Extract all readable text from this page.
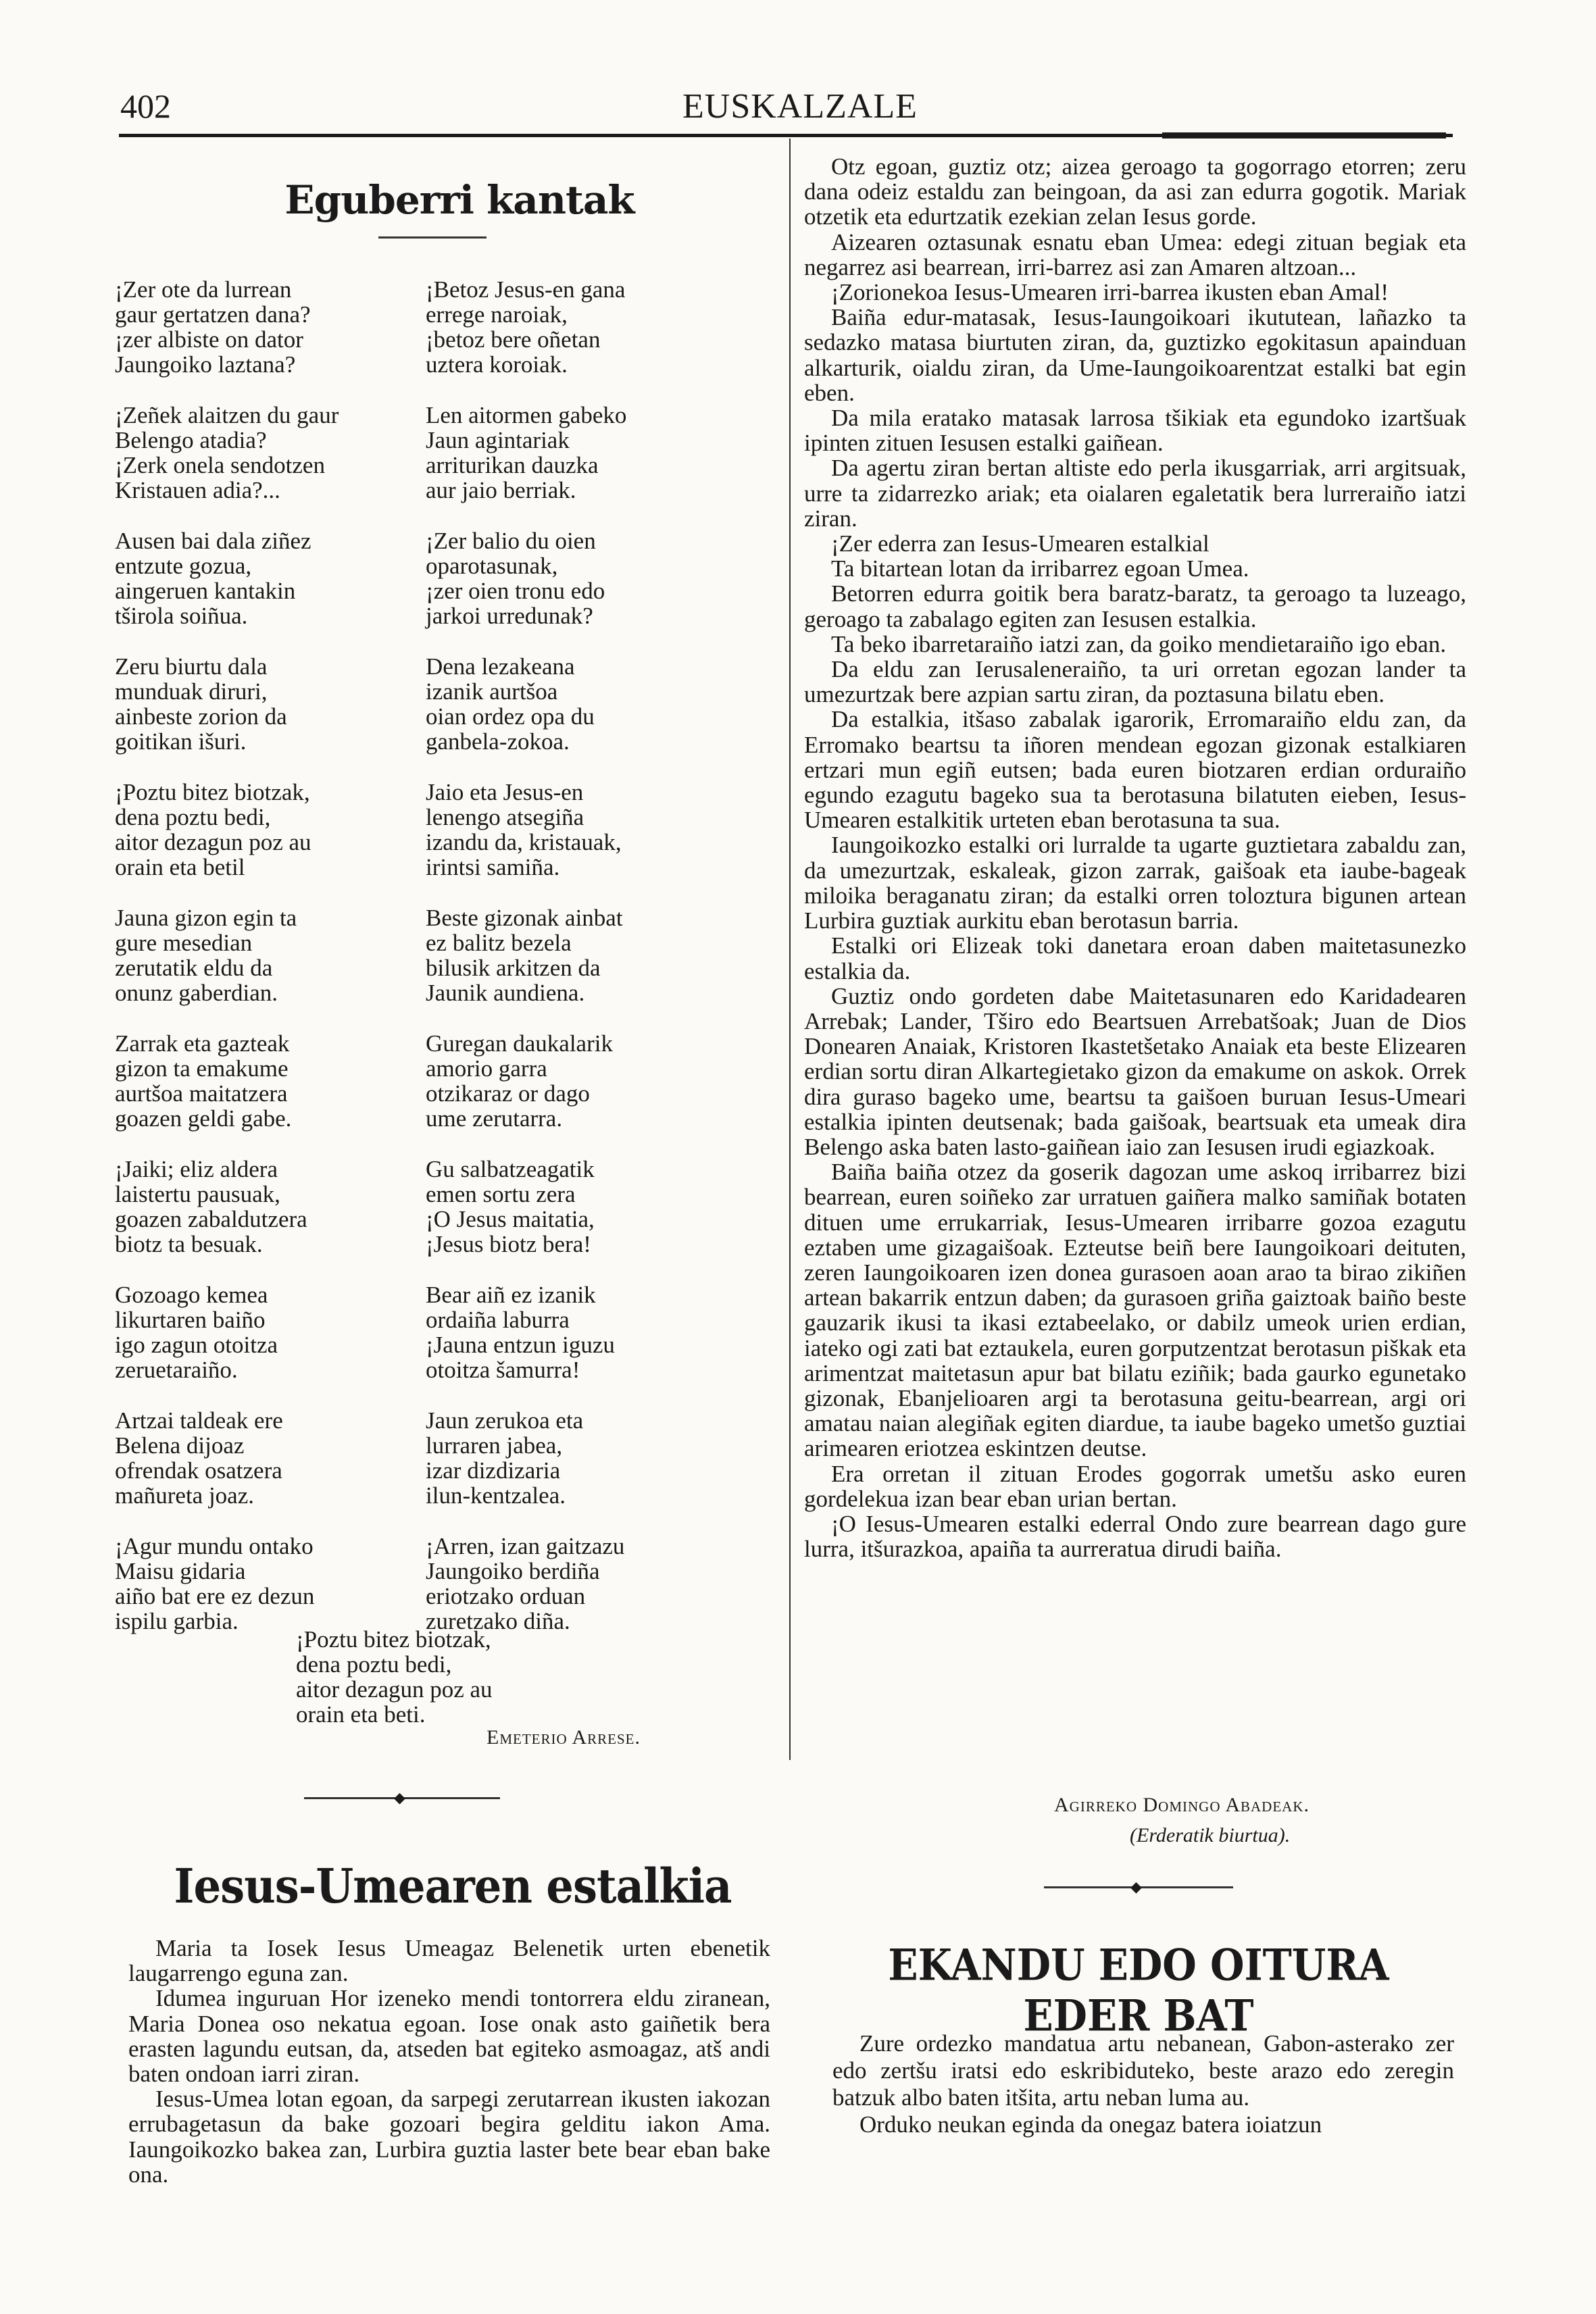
402	EUSKALZALE
Eguberri kantak
¡Zer ote da lurrean
gaur gertatzen dana?
¡zer albiste on dator
Jaungoiko laztana?
¡Zeñek alaitzen du gaur
Belengo atadia?
¡Zerk onela sendotzen
Kristauen adia?...
Ausen bai dala ziñez
entzute gozua,
aingeruen kantakin
tširola soiñua.
Zeru biurtu dala
munduak diruri,
ainbeste zorion da
goitikan išuri.
¡Poztu bitez biotzak,
dena poztu bedi,
aitor dezagun poz au
orain eta betil
Jauna gizon egin ta
gure mesedian
zerutatik eldu da
onunz gaberdian.
Zarrak eta gazteak
gizon ta emakume
aurtšoa maitatzera
goazen geldi gabe.
¡Jaiki; eliz aldera
laistertu pausuak,
goazen zabaldutzera
biotz ta besuak.
Gozoago kemea
likurtaren baiño
igo zagun otoitza
zeruetaraiño.
Artzai taldeak ere
Belena dijoaz
ofrendak osatzera
mañureta joaz.
¡Agur mundu ontako
Maisu gidaria
aiño bat ere ez dezun
ispilu garbia.
¡Betoz Jesus-en gana
errege naroiak,
¡betoz bere oñetan
uztera koroiak.
Len aitormen gabeko
Jaun agintariak
arriturikan dauzka
aur jaio berriak.
¡Zer balio du oien
oparotasunak,
¡zer oien tronu edo
jarkoi urredunak?
Dena lezakeana
izanik aurtšoa
oian ordez opa du
ganbela-zokoa.
Jaio eta Jesus-en
lenengo atsegiña
izandu da, kristauak,
irintsi samiña.
Beste gizonak ainbat
ez balitz bezela
bilusik arkitzen da
Jaunik aundiena.
Guregan daukalarik
amorio garra
otzikaraz or dago
ume zerutarra.
Gu salbatzeagatik
emen sortu zera
¡O Jesus maitatia,
¡Jesus biotz bera!
Bear aiñ ez izanik
ordaiña laburra
¡Jauna entzun iguzu
otoitza šamurra!
Jaun zerukoa eta
lurraren jabea,
izar dizdizaria
ilun-kentzalea.
¡Arren, izan gaitzazu
Jaungoiko berdiña
eriotzako orduan
zuretzako diña.
¡Poztu bitez biotzak,
dena poztu bedi,
aitor dezagun poz au
orain eta beti.
Emeterio Arrese.
◆
Iesus-Umearen estalkia

Maria ta Iosek Iesus Umeagaz Belenetik urten ebenetik laugarrengo eguna zan.

Idumea inguruan Hor izeneko mendi tontorrera eldu ziranean, Maria Donea oso nekatua egoan. Iose onak asto gaiñetik bera erasten lagundu eutsan, da, atseden bat egiteko asmoagaz, atš andi baten ondoan iarri ziran.

Iesus-Umea lotan egoan, da sarpegi zerutarrean ikusten iakozan errubagetasun da bake gozoari begira gelditu iakon Ama. Iaungoikozko bakea zan, Lurbira guztia laster bete bear eban bake ona.

Otz egoan, guztiz otz; aizea geroago ta gogorrago etorren; zeru dana odeiz estaldu zan beingoan, da asi zan edurra gogotik. Mariak otzetik eta edurtzatik ezekian zelan Iesus gorde.

Aizearen oztasunak esnatu eban Umea: edegi zituan begiak eta negarrez asi bearrean, irri-barrez asi zan Amaren altzoan...

¡Zorionekoa Iesus-Umearen irri-barrea ikusten eban Amal!

Baiña edur-matasak, Iesus-Iaungoikoari ikututean, lañazko ta sedazko matasa biurtuten ziran, da, guztizko egokitasun apainduan alkarturik, oialdu ziran, da Ume-Iaungoikoarentzat estalki bat egin eben.

Da mila eratako matasak larrosa tšikiak eta egundoko izartšuak ipinten zituen Iesusen estalki gaiñean.

Da agertu ziran bertan altiste edo perla ikusgarriak, arri argitsuak, urre ta zidarrezko ariak; eta oialaren egaletatik bera lurreraiño iatzi ziran.

¡Zer ederra zan Iesus-Umearen estalkial

Ta bitartean lotan da irribarrez egoan Umea.

Betorren edurra goitik bera baratz-baratz, ta geroago ta luzeago, geroago ta zabalago egiten zan Iesusen estalkia.

Ta beko ibarretaraiño iatzi zan, da goiko mendietaraiño igo eban.

Da eldu zan Ierusaleneraiño, ta uri orretan egozan lander ta umezurtzak bere azpian sartu ziran, da poztasuna bilatu eben.

Da estalkia, itšaso zabalak igarorik, Erromaraiño eldu zan, da Erromako beartsu ta iñoren mendean egozan gizonak estalkiaren ertzari mun egiñ eutsen; bada euren biotzaren erdian orduraiño egundo ezagutu bageko sua ta berotasuna bilatuten eieben, Iesus-Umearen estalkitik urteten eban berotasuna ta sua.

Iaungoikozko estalki ori lurralde ta ugarte guztietara zabaldu zan, da umezurtzak, eskaleak, gizon zarrak, gaišoak eta iaube-bageak miloika beraganatu ziran; da estalki orren toloztura bigunen artean Lurbira guztiak aurkitu eban berotasun barria.

Estalki ori Elizeak toki danetara eroan daben maitetasunezko estalkia da.

Guztiz ondo gordeten dabe Maitetasunaren edo Karidadearen Arrebak; Lander, Tširo edo Beartsuen Arrebatšoak; Juan de Dios Donearen Anaiak, Kristoren Ikastetšetako Anaiak eta beste Elizearen erdian sortu diran Alkartegietako gizon da emakume on askok. Orrek dira guraso bageko ume, beartsu ta gaišoen buruan Iesus-Umeari estalkia ipinten deutsenak; bada gaišoak, beartsuak eta umeak dira Belengo aska baten lasto-gaiñean iaio zan Iesusen irudi egiazkoak.

Baiña baiña otzez da goserik dagozan ume askoq irribarrez bizi bearrean, euren soiñeko zar urratuen gaiñera malko samiñak botaten dituen ume errukarriak, Iesus-Umearen irribarre gozoa ezagutu eztaben ume gizagaišoak. Ezteutse beiñ bere Iaungoikoari deituten, zeren Iaungoikoaren izen donea gurasoen aoan arao ta birao zikiñen artean bakarrik entzun daben; da gurasoen griña gaiztoak baiño beste gauzarik ikusi ta ikasi eztabeelako, or dabilz umeok urien erdian, iateko ogi zati bat eztaukela, euren gorputzentzat berotasun piškak eta arimentzat maitetasun apur bat bilatu eziñik; bada gaurko egunetako gizonak, Ebanjelioaren argi ta berotasuna geitu-bearrean, argi ori amatau naian alegiñak egiten diardue, ta iaube bageko umetšo guztiai arimearen eriotzea eskintzen deutse.

Era orretan il zituan Erodes gogorrak umetšu asko euren gordelekua izan bear eban urian bertan.

¡O Iesus-Umearen estalki ederral Ondo zure bearrean dago gure lurra, itšurazkoa, apaiña ta aurreratua dirudi baiña.

Agirreko Domingo Abadeak.
(Erderatik biurtua).
◆
EKANDU EDO OITURA EDER BAT

Zure ordezko mandatua artu nebanean, Gabon-asterako zer edo zertšu iratsi edo eskribiduteko, beste arazo edo zeregin batzuk albo baten itšita, artu neban luma au.

Orduko neukan eginda da onegaz batera ioiatzun
